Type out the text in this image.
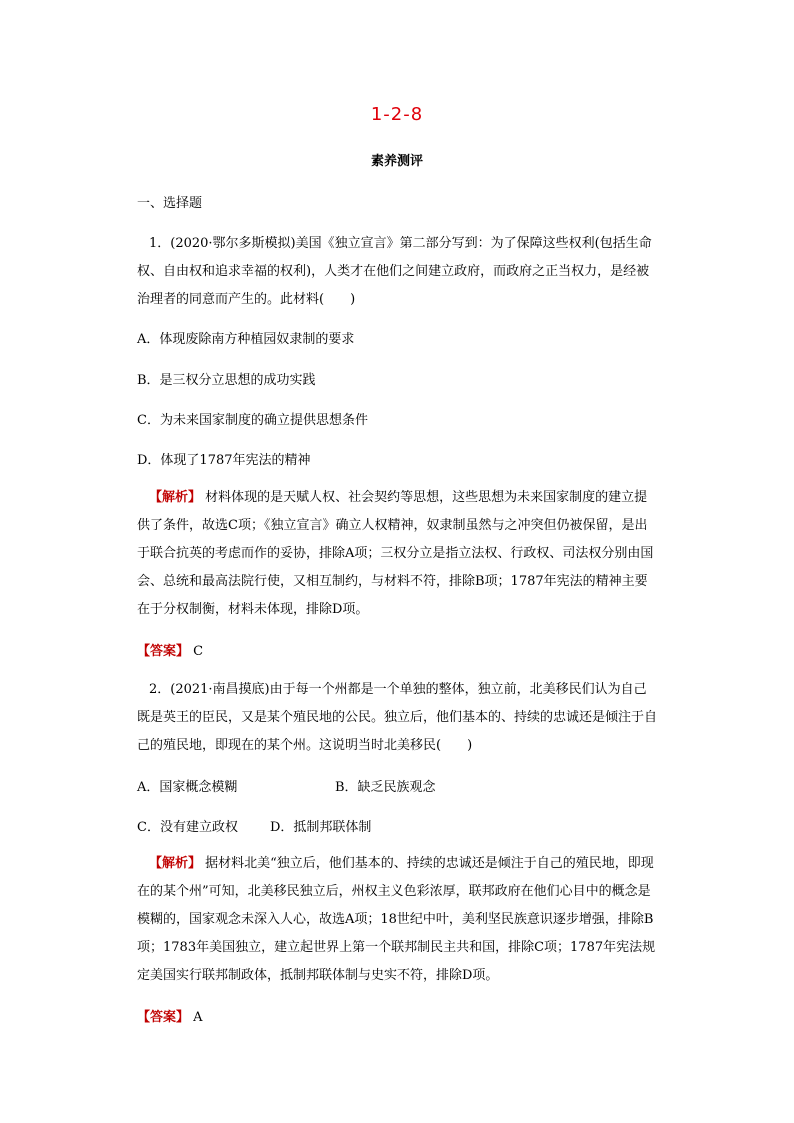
1-2-8
素养测评
一、选择题
1．(2020·鄂尔多斯模拟)美国《独立宣言》第二部分写到：为了保障这些权利(包括生命权、自由权和追求幸福的权利)，人类才在他们之间建立政府，而政府之正当权力，是经被治理者的同意而产生的。此材料(　　)
A．体现废除南方种植园奴隶制的要求
B．是三权分立思想的成功实践
C．为未来国家制度的确立提供思想条件
D．体现了1787年宪法的精神
【解析】 材料体现的是天赋人权、社会契约等思想，这些思想为未来国家制度的建立提供了条件，故选C项；《独立宣言》确立人权精神，奴隶制虽然与之冲突但仍被保留，是出于联合抗英的考虑而作的妥协，排除A项；三权分立是指立法权、行政权、司法权分别由国会、总统和最高法院行使，又相互制约，与材料不符，排除B项；1787年宪法的精神主要在于分权制衡，材料未体现，排除D项。
【答案】 C
2．(2021·南昌摸底)由于每一个州都是一个单独的整体，独立前，北美移民们认为自己既是英王的臣民，又是某个殖民地的公民。独立后，他们基本的、持续的忠诚还是倾注于自己的殖民地，即现在的某个州。这说明当时北美移民(　　)
A．国家概念模糊	B．缺乏民族观念
C．没有建立政权 D．抵制邦联体制
【解析】 据材料北美“独立后，他们基本的、持续的忠诚还是倾注于自己的殖民地，即现在的某个州”可知，北美移民独立后，州权主义色彩浓厚，联邦政府在他们心目中的概念是模糊的，国家观念未深入人心，故选A项；18世纪中叶，美利坚民族意识逐步增强，排除B项；1783年美国独立，建立起世界上第一个联邦制民主共和国，排除C项；1787年宪法规定美国实行联邦制政体，抵制邦联体制与史实不符，排除D项。
【答案】 A
